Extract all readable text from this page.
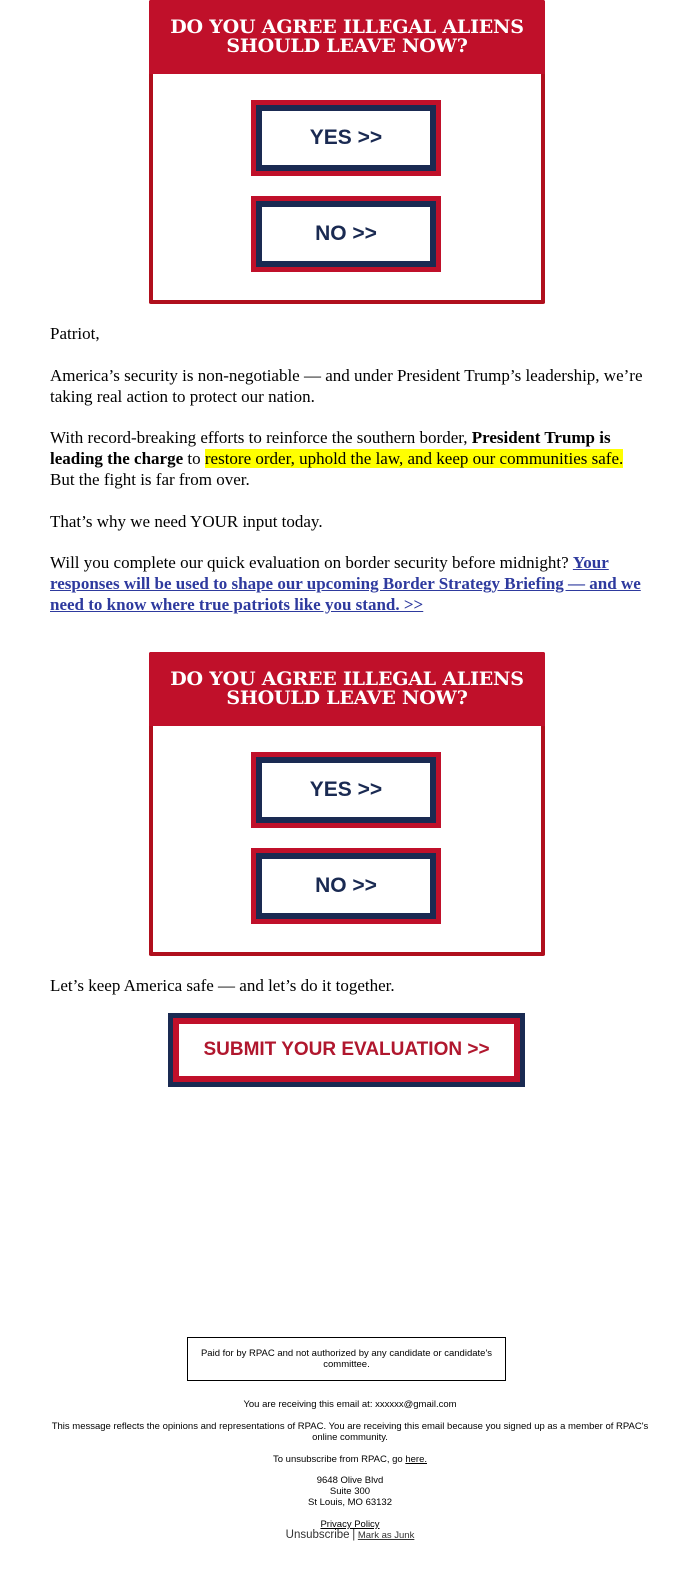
DO YOU AGREE ILLEGAL ALIENS
SHOULD LEAVE NOW?
YES >>
NO >>
Patriot,
America’s security is non-negotiable — and under President Trump’s leadership, we’re taking real action to protect our nation.
With record-breaking efforts to reinforce the southern border, President Trump is leading the charge to restore order, uphold the law, and keep our communities safe. But the fight is far from over.
That’s why we need YOUR input today.
Will you complete our quick evaluation on border security before midnight? Your responses will be used to shape our upcoming Border Strategy Briefing — and we need to know where true patriots like you stand. >>
DO YOU AGREE ILLEGAL ALIENS
SHOULD LEAVE NOW?
YES >>
NO >>
Let’s keep America safe — and let’s do it together.
SUBMIT YOUR EVALUATION >>
Paid for by RPAC and not authorized by any candidate or candidate's committee.
You are receiving this email at: xxxxxx@gmail.com
This message reflects the opinions and representations of RPAC. You are receiving this email because you signed up as a member of RPAC's online community.
To unsubscribe from RPAC, go here.
9648 Olive Blvd
Suite 300
St Louis, MO 63132
Privacy Policy
Unsubscribe | Mark as Junk
